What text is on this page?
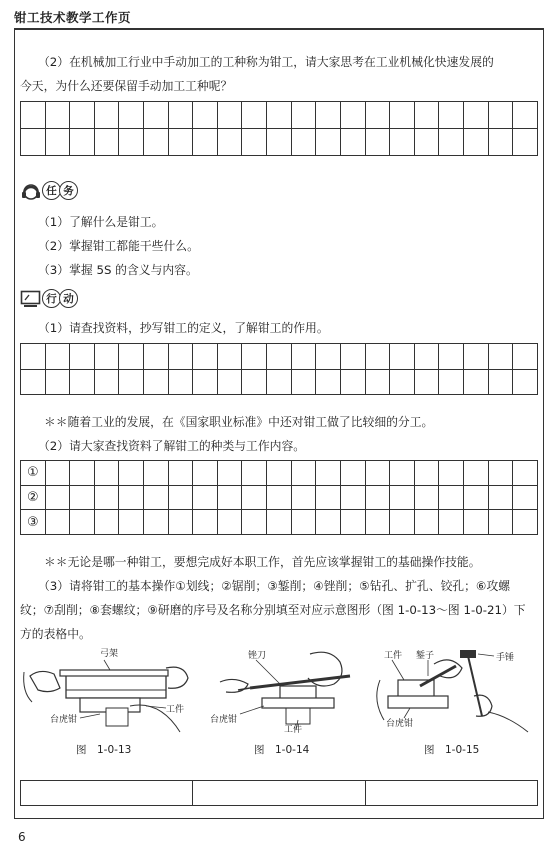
钳工技术教学工作页
（2）在机械加工行业中手动加工的工种称为钳工，请大家思考在工业机械化快速发展的
今天，为什么还要保留手动加工工种呢？

任 务
（1）了解什么是钳工。
（2）掌握钳工都能干些什么。
（3）掌握 5S 的含义与内容。
行 动
（1）请查找资料，抄写钳工的定义，了解钳工的作用。

＊＊随着工业的发展，在《国家职业标准》中还对钳工做了比较细的分工。
（2）请大家查找资料了解钳工的种类与工作内容。
①																				
②																				
③																				
＊＊无论是哪一种钳工，要想完成好本职工作，首先应该掌握钳工的基础操作技能。
（3）请将钳工的基本操作①划线；②锯削；③錾削；④锉削；⑤钻孔、扩孔、铰孔；⑥攻螺
纹；⑦刮削；⑧套螺纹；⑨研磨的序号及名称分别填至对应示意图形（图 1-0-13～图 1-0-21）下
方的表格中。
弓架
台虎钳
工件
图　1-0-13
锉刀
台虎钳
工件
图　1-0-14
工件 錾子	手锤
台虎钳
图　1-0-15

6
